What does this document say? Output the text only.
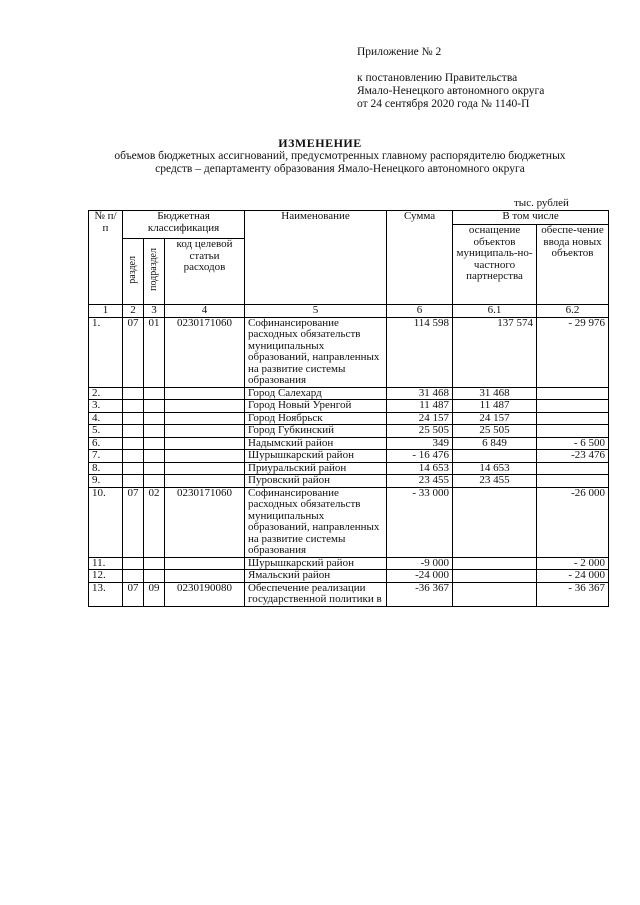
Приложение № 2
к постановлению Правительства
Ямало-Ненецкого автономного округа
от 24 сентября 2020 года № 1140-П
ИЗМЕНЕНИЕ
объемов бюджетных ассигнований, предусмотренных главному распорядителю бюджетных
средств – департаменту образования Ямало-Ненецкого автономного округа
тыс. рублей
№ п/п	Бюджетная классификация			Наименование	Сумма	В том числе	
						оснащение объектов муниципаль-но-частного партнерства	обеспе-чение ввода новых объектов
	раздел	подраздел	код целевой статьи расходов				
1	2	3	4	5	6	6.1	6.2
1.	07	01	0230171060	Софинансирование расходных обязательств муниципальных образований, направленных на развитие системы образования	114 598	137 574	- 29 976
2.				Город Салехард	31 468	31 468	
3.				Город Новый Уренгой	11 487	11 487	
4.				Город Ноябрьск	24 157	24 157	
5.				Город Губкинский	25 505	25 505	
6.				Надымский район	349	6 849	- 6 500
7.				Шурышкарский район	- 16 476		-23 476
8.				Приуральский район	14 653	14 653	
9.				Пуровский район	23 455	23 455	
10.	07	02	0230171060	Софинансирование расходных обязательств муниципальных образований, направленных на развитие системы образования	- 33 000		-26 000
11.				Шурышкарский район	-9 000		- 2 000
12.				Ямальский район	-24 000		- 24 000
13.	07	09	0230190080	Обеспечение реализации государственной политики в	-36 367		- 36 367
